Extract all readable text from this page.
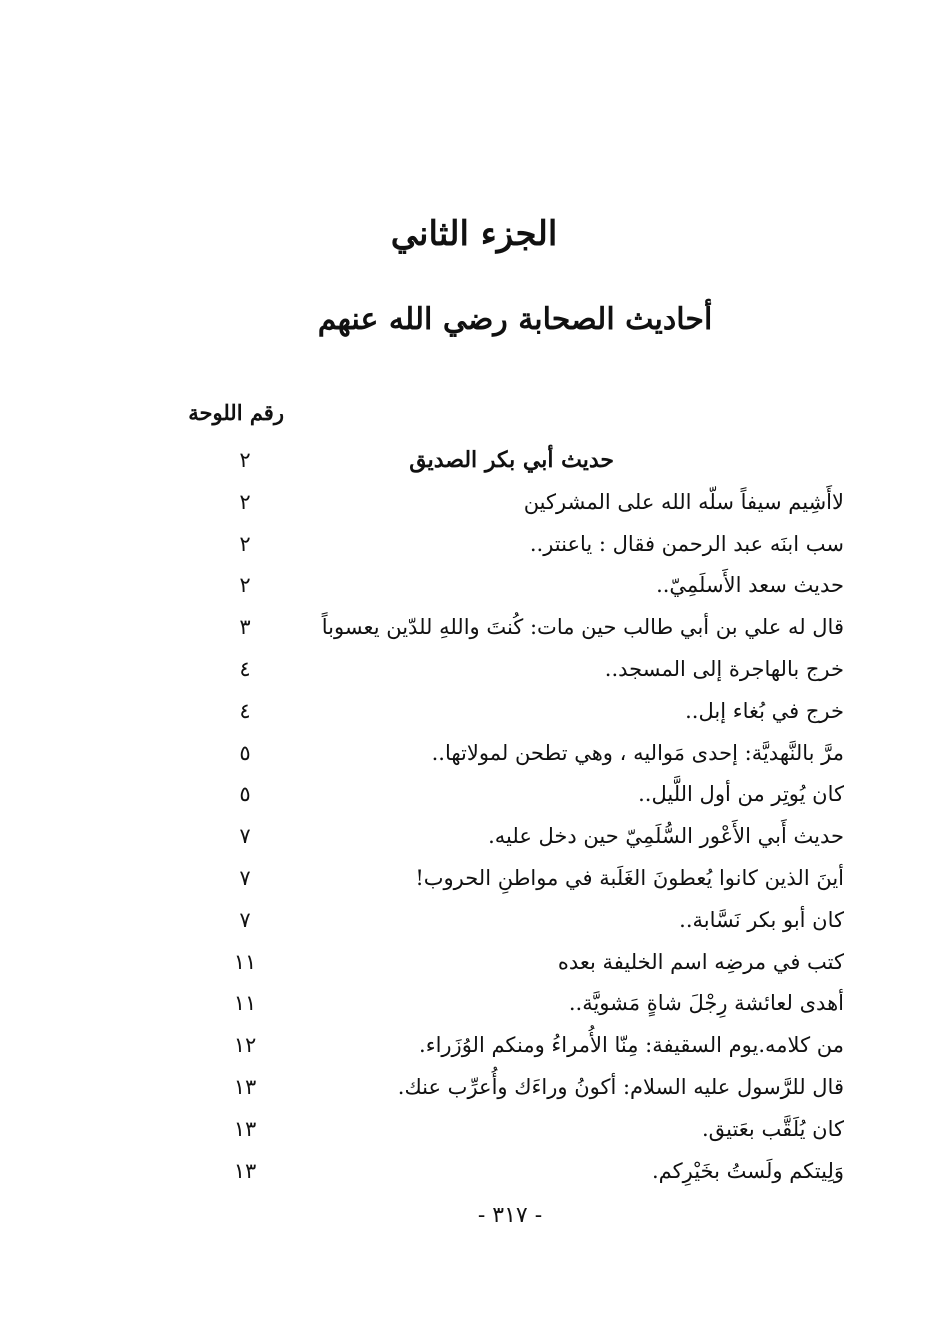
الجزء الثاني
أحاديث الصحابة رضي الله عنهم
رقم اللوحة
حديث أبي بكر الصديق
٢
لاأَشِيم سيفاً سلّه الله على المشركين
٢
سب ابنَه عبد الرحمن فقال : ياعنتر..
٢
حديث سعد الأَسلَمِيّ..
٢
قال له علي بن أبي طالب حين مات: كُنتَ واللهِ للدّين يعسوباً
٣
خرج بالهاجرة إلى المسجد..
٤
خرج في بُغاء إبل..
٤
مرَّ بالنَّهديَّة: إحدى مَواليه ، وهي تطحن لمولاتها..
٥
كان يُوتِر من أول اللَّيل..
٥
حديث أَبي الأَعْور السُّلَمِيّ حين دخل عليه.
٧
أينَ الذين كانوا يُعطونَ الغَلَبة في مواطنِ الحروب!
٧
كان أبو بكر نَسَّابة..
٧
كتب في مرضِه اسم الخليفة بعده
١١
أهدى لعائشة رِجْلَ شاةٍ مَشويَّة..
١١
من كلامه.يوم السقيفة: مِنّا الأُمراءُ ومنكم الوُزَراء.
١٢
قال للرَّسول عليه السلام: أكونُ وراءَك وأُعرِّب عنك.
١٣
كان يُلَقَّب بعَتيق.
١٣
وَلِيتكم ولَستُ بخَيْرِكم.
١٣
- ٣١٧ -
